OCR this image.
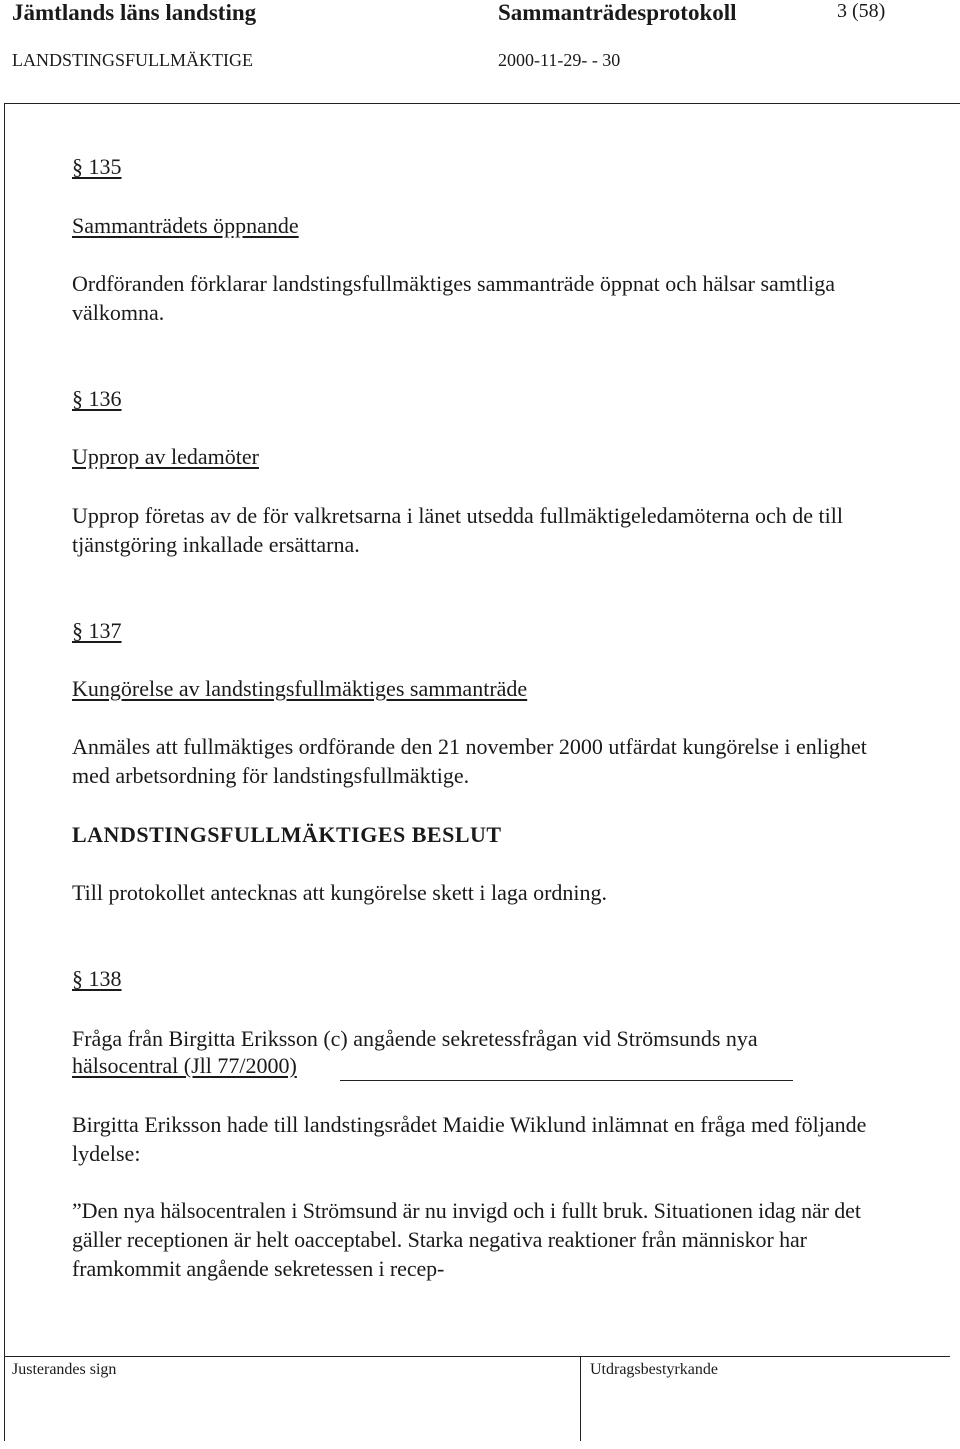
Jämtlands läns landsting	Sammanträdesprotokoll	3 (58)
LANDSTINGSFULLMÄKTIGE	2000-11-29- - 30
§ 135
Sammanträdets öppnande
Ordföranden förklarar landstingsfullmäktiges sammanträde öppnat och hälsar samtliga välkomna.
§ 136
Upprop av ledamöter
Upprop företas av de för valkretsarna i länet utsedda fullmäktigeledamöterna och de till tjänstgöring inkallade ersättarna.
§ 137
Kungörelse av landstingsfullmäktiges sammanträde
Anmäles att fullmäktiges ordförande den 21 november 2000 utfärdat kungörelse i enlighet med arbetsordning för landstingsfullmäktige.
LANDSTINGSFULLMÄKTIGES BESLUT
Till protokollet antecknas att kungörelse skett i laga ordning.
§ 138
Fråga från Birgitta Eriksson (c) angående sekretessfrågan vid Strömsunds nya
hälsocentral (Jll 77/2000)
Birgitta Eriksson hade till landstingsrådet Maidie Wiklund inlämnat en fråga med följande lydelse:
”Den nya hälsocentralen i Strömsund är nu invigd och i fullt bruk. Situationen idag när det gäller receptionen är helt oacceptabel. Starka negativa reaktioner från människor har framkommit angående sekretessen i recep-
Justerandes sign	Utdragsbestyrkande
